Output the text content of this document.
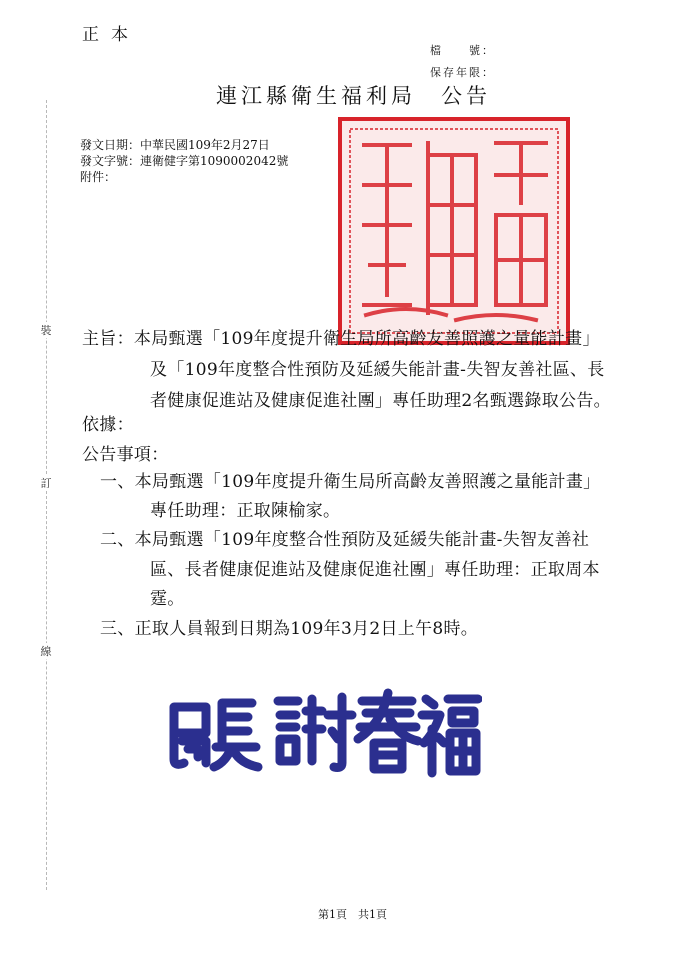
正本
檔　　號：
保存年限：
連江縣衛生福利局　公告
發文日期：中華民國109年2月27日
發文字號：連衛健字第1090002042號
附件：
裝
訂
線
主旨：本局甄選「109年度提升衛生局所高齡友善照護之量能計畫」
及「109年度整合性預防及延緩失能計畫-失智友善社區、長
者健康促進站及健康促進社團」專任助理2名甄選錄取公告。
依據：
公告事項：
一、本局甄選「109年度提升衛生局所高齡友善照護之量能計畫」
專任助理：正取陳榆家。
二、本局甄選「109年度整合性預防及延緩失能計畫-失智友善社
區、長者健康促進站及健康促進社團」專任助理：正取周本
霆。
三、正取人員報到日期為109年3月2日上午8時。
第1頁　共1頁
